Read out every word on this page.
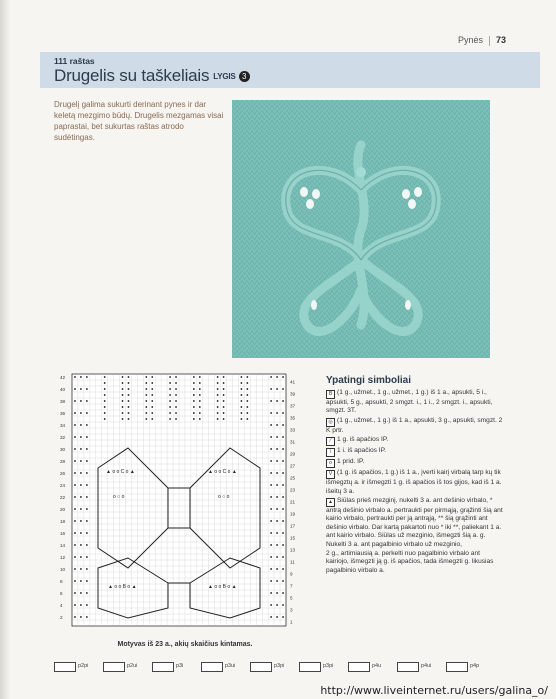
Pynės 73
111 raštas
Drugelis su taškeliais LYGIS 3
Drugelį galima sukurti derinant pynes ir dar keletą mezgimo būdų. Drugelis mezgamas visai paprastai, bet sukurtas raštas atrodo sudėtingas.
▲ o o C o ▲	▲ o o C o ▲
o ○ o	o ○ o
▲ o o B o ▲	▲ o o B o ▲
41
39
37
35
33
31
29
27
25
23
21
19
17
15
13
11
9
7
5
3
1
42
40
38
36
34
32
30
28
26
24
22
20
18
16
14
12
10
8
6
4
2
Motyvas iš 23 a., akių skaičius kintamas.
Ypatingi simboliai
B (1 g., užmet., 1 g., užmet., 1 g.) iš 1 a., apsukti, 5 i., apsukti, 5 g., apsukti, 2 smgzt. i., 1 i., 2 smgzt. i., apsukti, smgzt. 3T.
◎ (1 g., užmet., 1 g.) iš 1 a., apsukti, 3 g., apsukti, smgzt. 2 K prtr.
⁄ 1 g. iš apačios IP.
\ 1 i. iš apačios IP.
o 1 prid. IP.
V (1 g. iš apačios, 1 g.) iš 1 a., įverti kairį virbalą tarp kų tik išmegztų a. ir išmegzti 1 g. iš apačios iš tos gijos, kad iš 1 a. išeitų 3 a.
▲ Siūlas prieš mezginį, nukelti 3 a. ant dešinio virbalo, * antrą dešinio virbalo a. pertraukti per pirmąją, grąžinti šią ant kairio virbalo, pertraukti per ją antrąją, ** šią grąžinti ant dešinio virbalo. Dar kartą pakartoti nuo * iki **, paliekant 1 a. ant kairio virbalo. Siūlas už mezginio, išmegzti šią a. g. Nukelti 3 a. ant pagalbinio virbalo už mezginio,
2 g., artimiausią a. perkelti nuo pagalbinio virbalo ant kairiojo, išmegzti ją g. iš apačios, tada išmegzti g. likusias pagalbinio virbalo a.
p2pi	p2ui	p3i	p3ui	p3pi	p3pi	p4u	p4ui	p4p
http://www.liveinternet.ru/users/galina_o/
